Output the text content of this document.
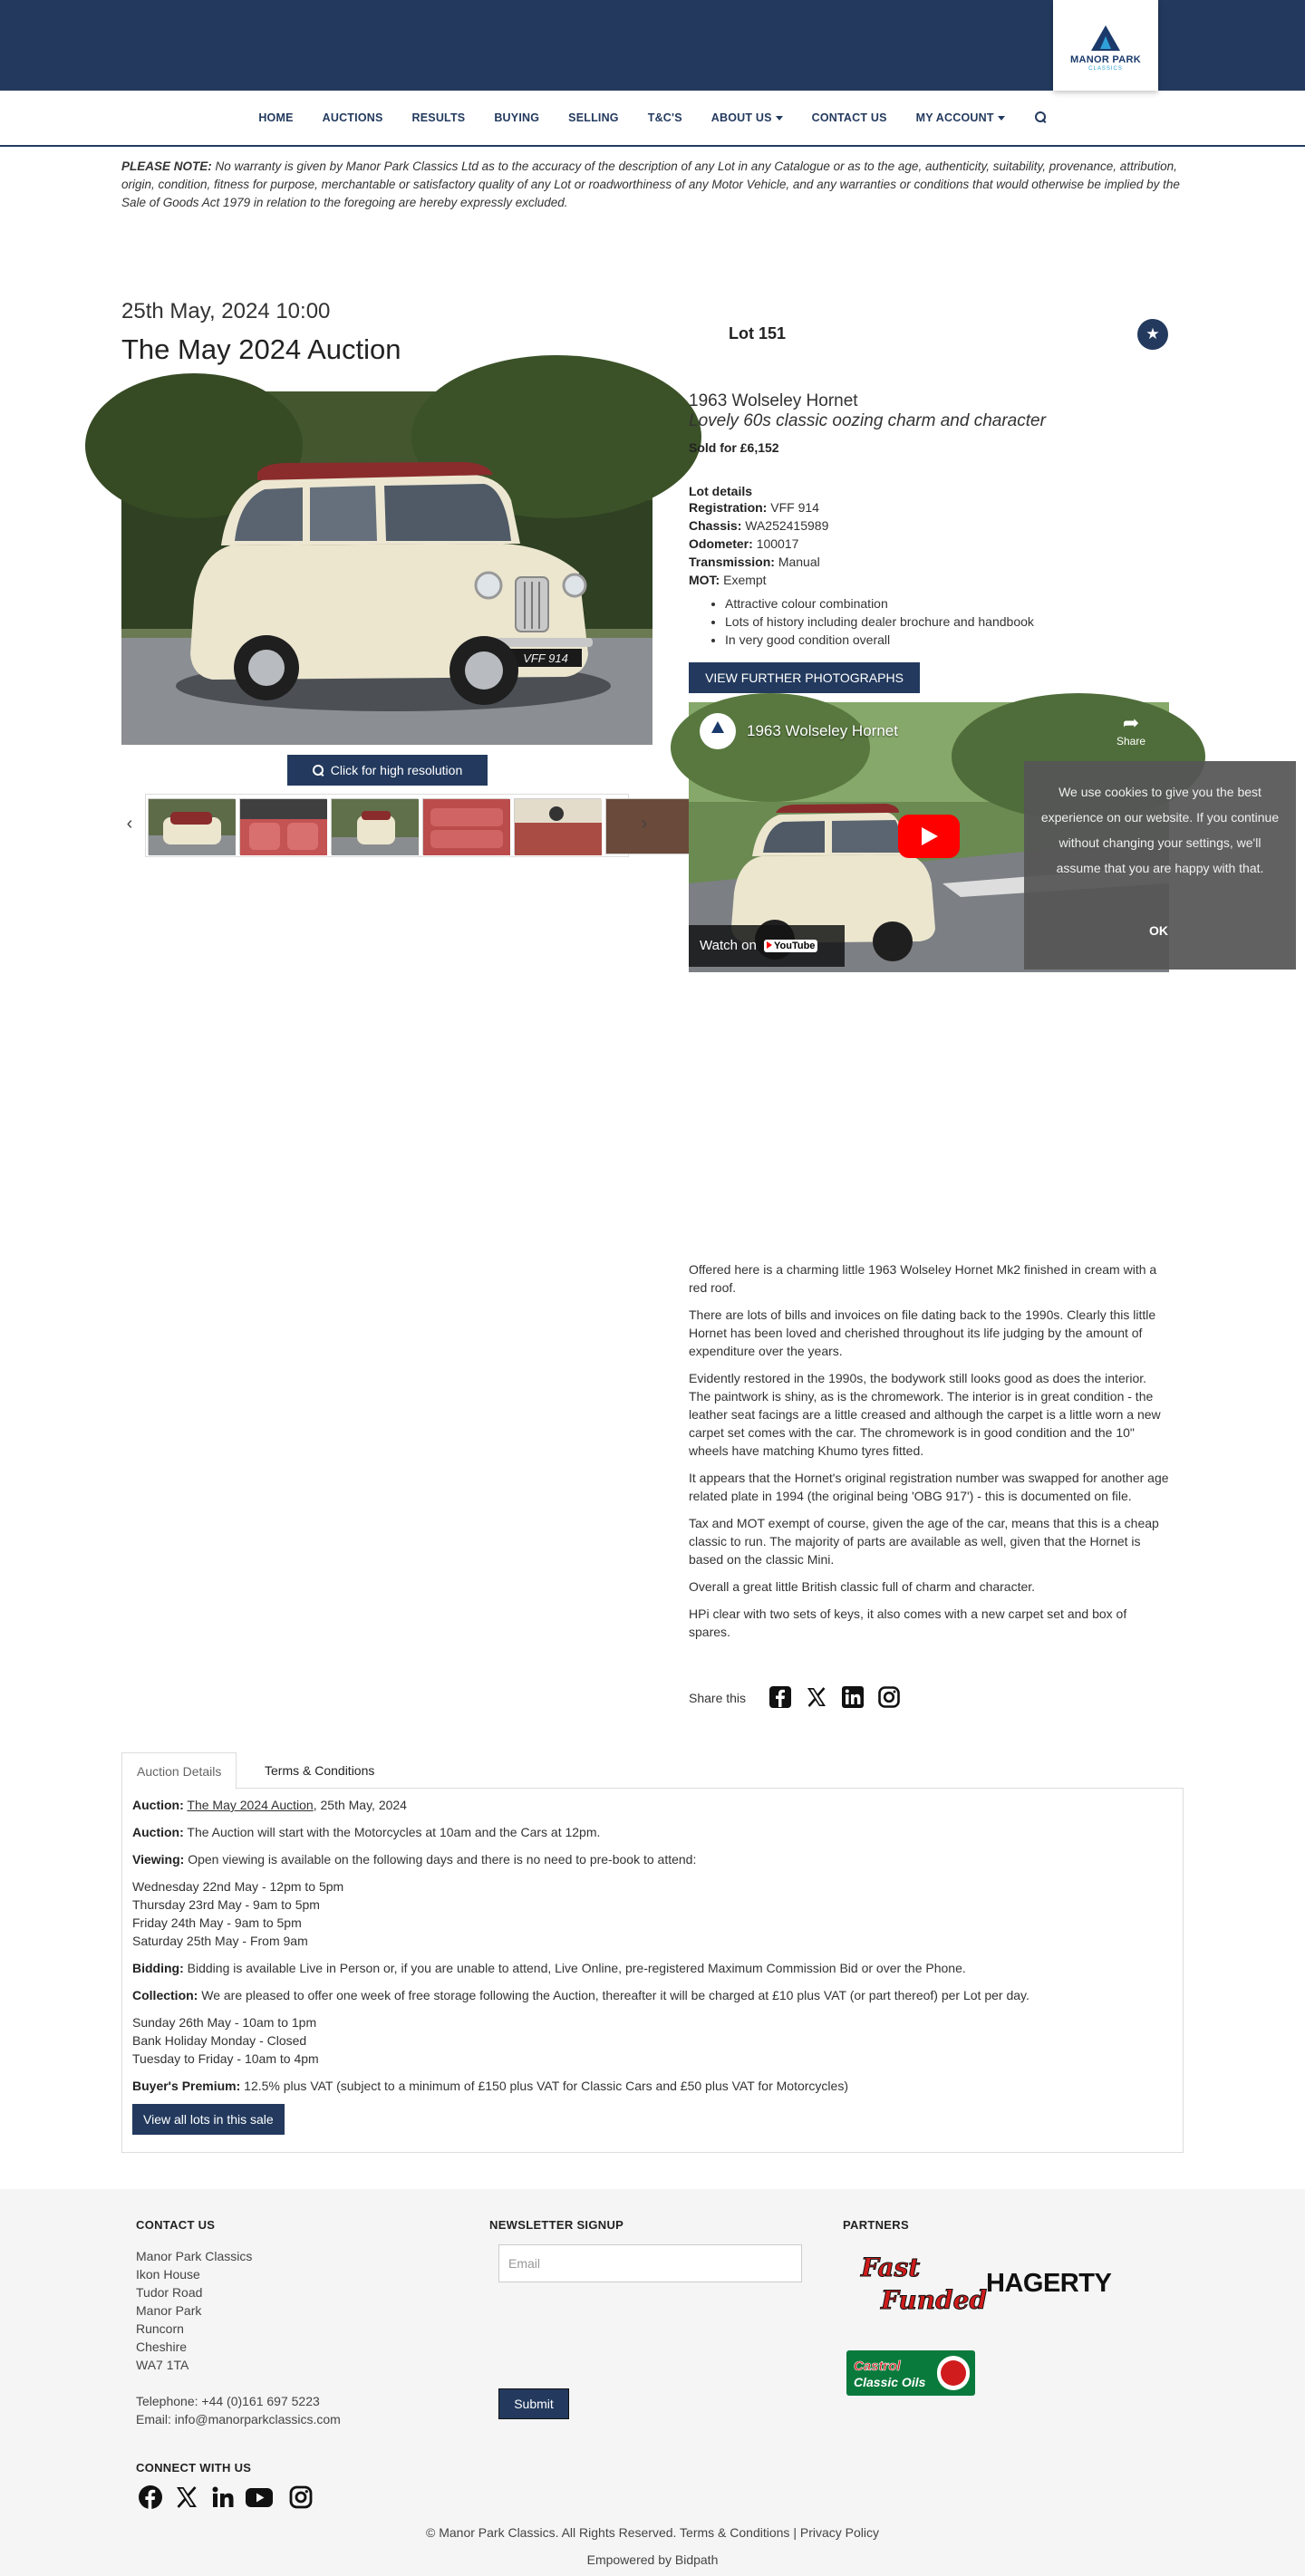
MANOR PARK
CLASSICS
HOME	AUCTIONS	RESULTS	BUYING	SELLING	T&C'S	ABOUT US	CONTACT US	MY ACCOUNT
PLEASE NOTE: No warranty is given by Manor Park Classics Ltd as to the accuracy of the description of any Lot in any Catalogue or as to the age, authenticity, suitability, provenance, attribution, origin, condition, fitness for purpose, merchantable or satisfactory quality of any Lot or roadworthiness of any Motor Vehicle, and any warranties or conditions that would otherwise be implied by the Sale of Goods Act 1979 in relation to the foregoing are hereby expressly excluded.
25th May, 2024 10:00
The May 2024 Auction	Lot 151	★
VFF 914
Click for high resolution
‹	›
1963 Wolseley Hornet
Lovely 60s classic oozing charm and character
Sold for £6,152
Lot details
Registration: VFF 914
Chassis: WA252415989
Odometer: 100017
Transmission: Manual
MOT: Exempt
• Attractive colour combination
• Lots of history including dealer brochure and handbook
• In very good condition overall
VIEW FURTHER PHOTOGRAPHS
1963 Wolseley Hornet	➦
Share
Watch on YouTube
We use cookies to give you the best experience on our website. If you continue without changing your settings, we'll assume that you are happy with that.
OK

Offered here is a charming little 1963 Wolseley Hornet Mk2 finished in cream with a red roof.

There are lots of bills and invoices on file dating back to the 1990s. Clearly this little Hornet has been loved and cherished throughout its life judging by the amount of expenditure over the years.

Evidently restored in the 1990s, the bodywork still looks good as does the interior. The paintwork is shiny, as is the chromework. The interior is in great condition - the leather seat facings are a little creased and although the carpet is a little worn a new carpet set comes with the car. The chromework is in good condition and the 10" wheels have matching Khumo tyres fitted.

It appears that the Hornet's original registration number was swapped for another age related plate in 1994 (the original being 'OBG 917') - this is documented on file.

Tax and MOT exempt of course, given the age of the car, means that this is a cheap classic to run. The majority of parts are available as well, given that the Hornet is based on the classic Mini.

Overall a great little British classic full of charm and character.

HPi clear with two sets of keys, it also comes with a new carpet set and box of spares.

Share this
Auction Details	Terms & Conditions

Auction: The May 2024 Auction, 25th May, 2024

Auction: The Auction will start with the Motorcycles at 10am and the Cars at 12pm.

Viewing: Open viewing is available on the following days and there is no need to pre-book to attend:

Wednesday 22nd May - 12pm to 5pm
Thursday 23rd May - 9am to 5pm
Friday 24th May - 9am to 5pm
Saturday 25th May - From 9am

Bidding: Bidding is available Live in Person or, if you are unable to attend, Live Online, pre-registered Maximum Commission Bid or over the Phone.

Collection: We are pleased to offer one week of free storage following the Auction, thereafter it will be charged at £10 plus VAT (or part thereof) per Lot per day.

Sunday 26th May - 10am to 1pm
Bank Holiday Monday - Closed
Tuesday to Friday - 10am to 4pm

Buyer's Premium: 12.5% plus VAT (subject to a minimum of £150 plus VAT for Classic Cars and £50 plus VAT for Motorcycles)

View all lots in this sale
CONTACT US
Manor Park Classics
Ikon House
Tudor Road
Manor Park
Runcorn
Cheshire
WA7 1TA
Telephone: +44 (0)161 697 5223
Email: info@manorparkclassics.com
NEWSLETTER SIGNUP	PARTNERS
Fast
Funded
HAGERTY
Castrol
Classic Oils
Email
Submit
CONNECT WITH US
© Manor Park Classics. All Rights Reserved. Terms & Conditions | Privacy Policy
Empowered by Bidpath
